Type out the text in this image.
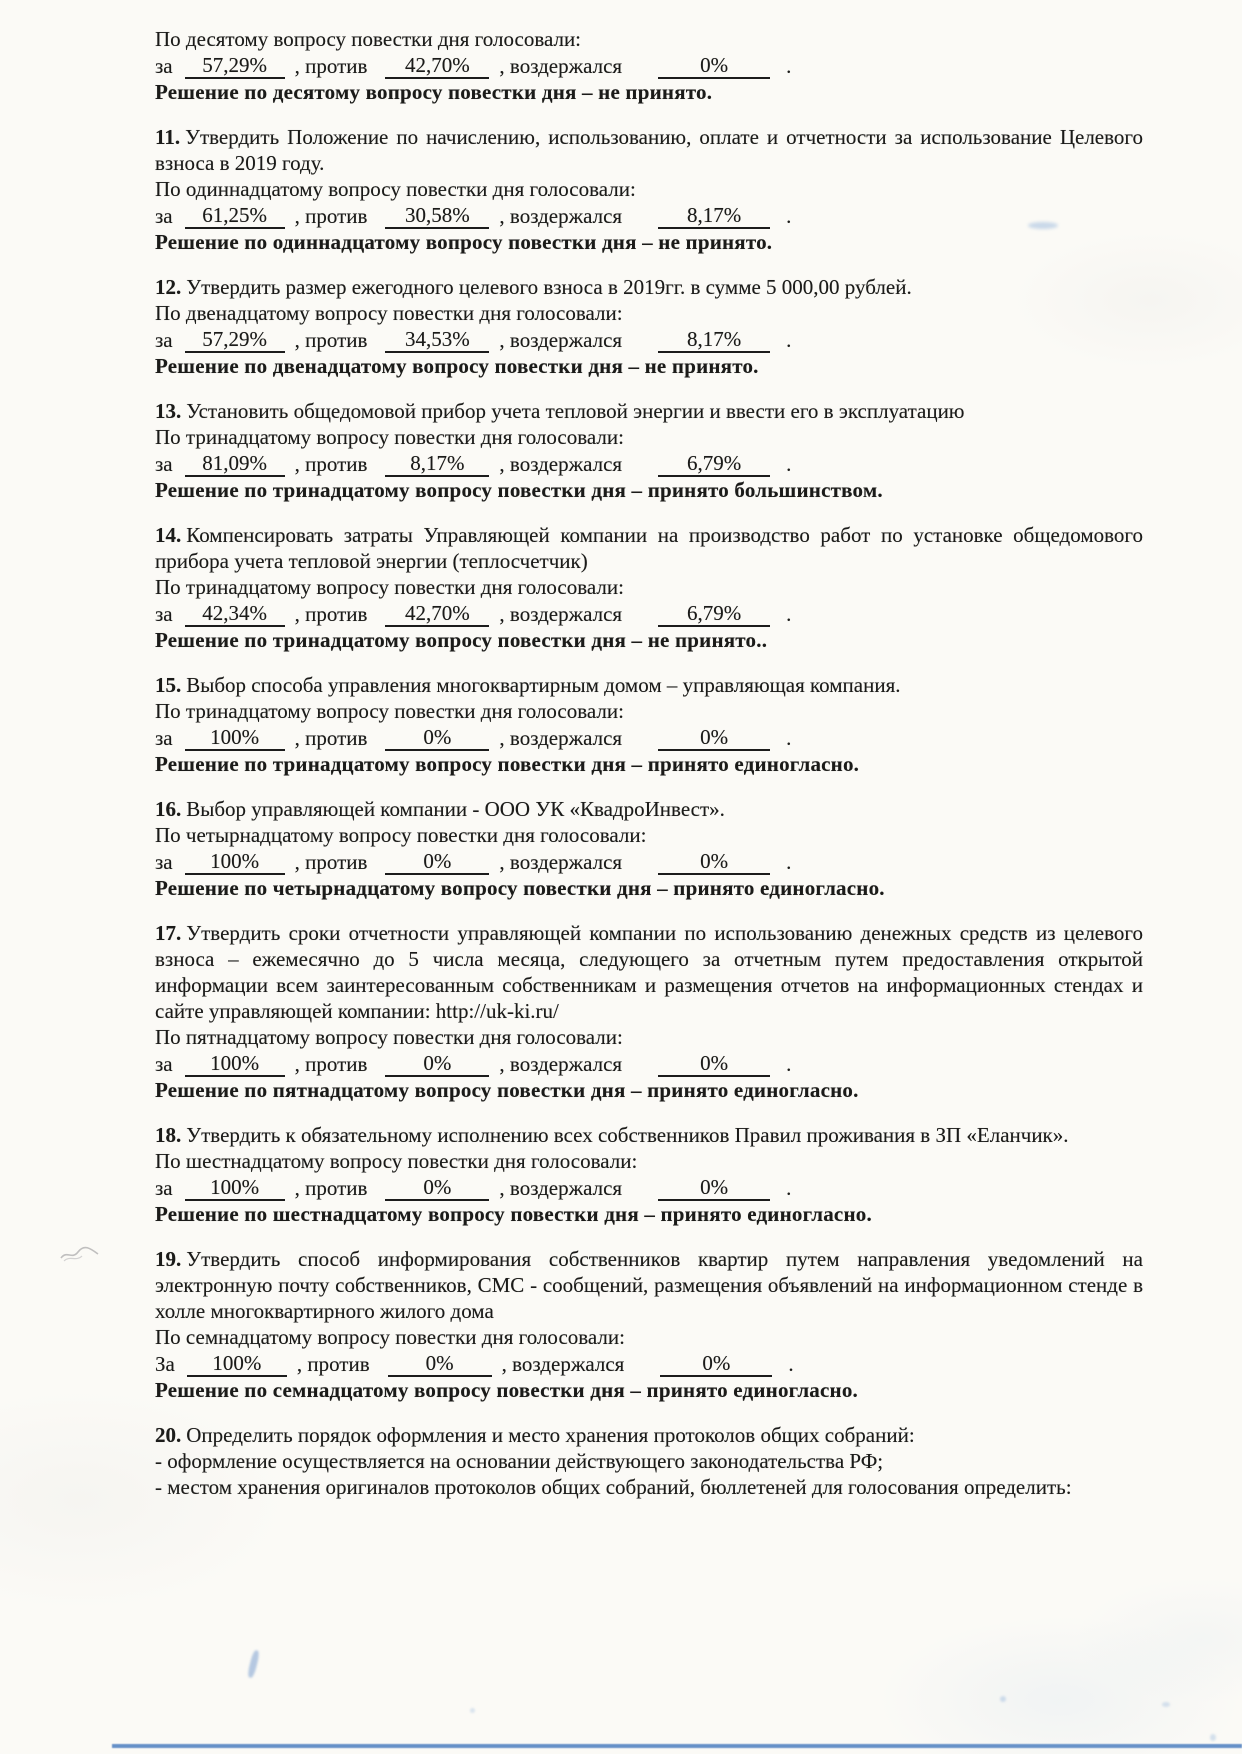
По десятому вопросу повестки дня голосовали:

за 57,29% , против 42,70% , воздержался	0%	.

Решение по десятому вопросу повестки дня – не принято.

11. Утвердить Положение по начислению, использованию, оплате и отчетности за использование Целевого взноса в 2019 году.

По одиннадцатому вопросу повестки дня голосовали:

за 61,25% , против 30,58% , воздержался	8,17% .

Решение по одиннадцатому вопросу повестки дня – не принято.

12. Утвердить размер ежегодного целевого взноса в 2019гг. в сумме 5 000,00 рублей.

По двенадцатому вопросу повестки дня голосовали:

за 57,29% , против 34,53% , воздержался	8,17% .

Решение по двенадцатому вопросу повестки дня – не принято.

13. Установить общедомовой прибор учета тепловой энергии и ввести его в эксплуатацию

По тринадцатому вопросу повестки дня голосовали:

за 81,09% , против 8,17% , воздержался	6,79% .

Решение по тринадцатому вопросу повестки дня – принято большинством.

14. Компенсировать затраты Управляющей компании на производство работ по установке общедомового прибора учета тепловой энергии (теплосчетчик)

По тринадцатому вопросу повестки дня голосовали:

за 42,34% , против 42,70% , воздержался	6,79% .

Решение по тринадцатому вопросу повестки дня – не принято..

15. Выбор способа управления многоквартирным домом – управляющая компания.

По тринадцатому вопросу повестки дня голосовали:

за 100% , против	0% , воздержался	0%	.

Решение по тринадцатому вопросу повестки дня – принято единогласно.

16. Выбор управляющей компании - ООО УК «КвадроИнвест».

По четырнадцатому вопросу повестки дня голосовали:

за 100% , против	0% , воздержался	0%	.

Решение по четырнадцатому вопросу повестки дня – принято единогласно.

17. Утвердить сроки отчетности управляющей компании по использованию денежных средств из целевого взноса – ежемесячно до 5 числа месяца, следующего за отчетным путем предоставления открытой информации всем заинтересованным собственникам и размещения отчетов на информационных стендах и сайте управляющей компании: http://uk-ki.ru/

По пятнадцатому вопросу повестки дня голосовали:

за 100% , против	0% , воздержался	0%	.

Решение по пятнадцатому вопросу повестки дня – принято единогласно.

18. Утвердить к обязательному исполнению всех собственников Правил проживания в ЗП «Еланчик».

По шестнадцатому вопросу повестки дня голосовали:

за 100% , против	0% , воздержался	0%	.

Решение по шестнадцатому вопросу повестки дня – принято единогласно.

19. Утвердить способ информирования собственников квартир путем направления уведомлений на электронную почту собственников, СМС - сообщений, размещения объявлений на информационном стенде в холле многоквартирного жилого дома

По семнадцатому вопросу повестки дня голосовали:

За 100% , против	0% , воздержался	0%	.

Решение по семнадцатому вопросу повестки дня – принято единогласно.

20. Определить порядок оформления и место хранения протоколов общих собраний:

- оформление осуществляется на основании действующего законодательства РФ;

- местом хранения оригиналов протоколов общих собраний, бюллетеней для голосования определить:
